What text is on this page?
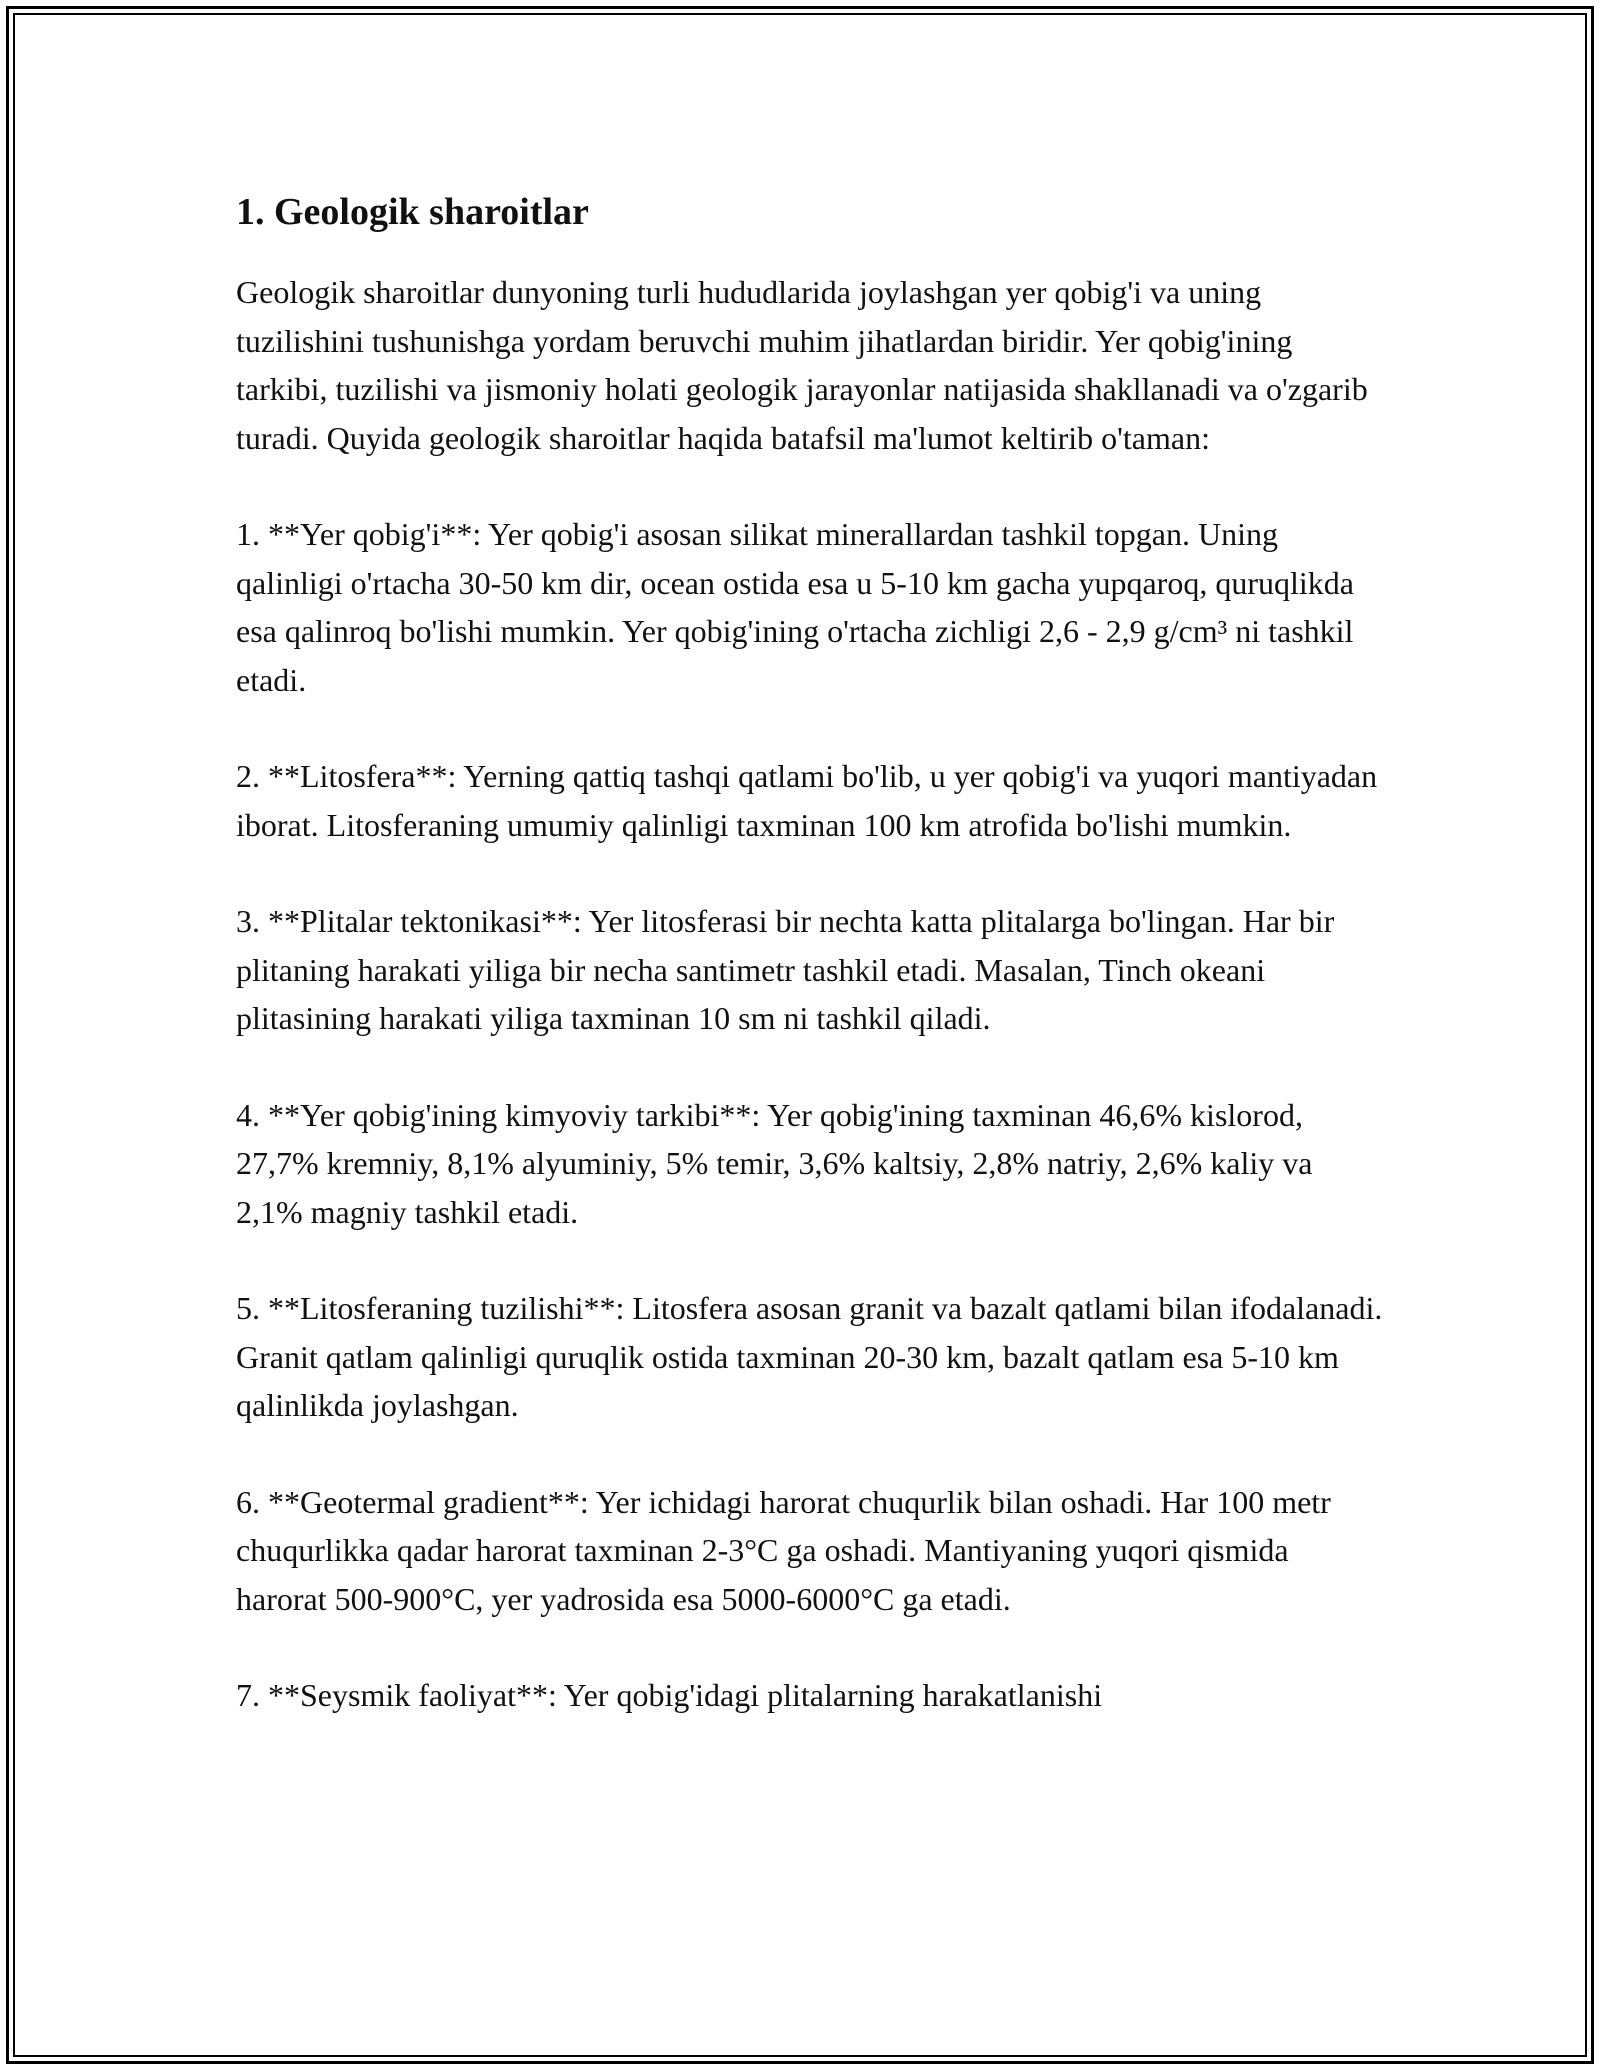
1. Geologik sharoitlar

Geologik sharoitlar dunyoning turli hududlarida joylashgan yer qobig'i va uning tuzilishini tushunishga yordam beruvchi muhim jihatlardan biridir. Yer qobig'ining tarkibi, tuzilishi va jismoniy holati geologik jarayonlar natijasida shakllanadi va o'zgarib turadi. Quyida geologik sharoitlar haqida batafsil ma'lumot keltirib o'taman:

1. **Yer qobig'i**: Yer qobig'i asosan silikat minerallardan tashkil topgan. Uning qalinligi o'rtacha 30-50 km dir, ocean ostida esa u 5-10 km gacha yupqaroq, quruqlikda esa qalinroq bo'lishi mumkin. Yer qobig'ining o'rtacha zichligi 2,6 - 2,9 g/cm³ ni tashkil etadi.

2. **Litosfera**: Yerning qattiq tashqi qatlami bo'lib, u yer qobig'i va yuqori mantiyadan iborat. Litosferaning umumiy qalinligi taxminan 100 km atrofida bo'lishi mumkin.

3. **Plitalar tektonikasi**: Yer litosferasi bir nechta katta plitalarga bo'lingan. Har bir plitaning harakati yiliga bir necha santimetr tashkil etadi. Masalan, Tinch okeani plitasining harakati yiliga taxminan 10 sm ni tashkil qiladi.

4. **Yer qobig'ining kimyoviy tarkibi**: Yer qobig'ining taxminan 46,6% kislorod, 27,7% kremniy, 8,1% alyuminiy, 5% temir, 3,6% kaltsiy, 2,8% natriy, 2,6% kaliy va 2,1% magniy tashkil etadi.

5. **Litosferaning tuzilishi**: Litosfera asosan granit va bazalt qatlami bilan ifodalanadi. Granit qatlam qalinligi quruqlik ostida taxminan 20-30 km, bazalt qatlam esa 5-10 km qalinlikda joylashgan.

6. **Geotermal gradient**: Yer ichidagi harorat chuqurlik bilan oshadi. Har 100 metr chuqurlikka qadar harorat taxminan 2-3°C ga oshadi. Mantiyaning yuqori qismida harorat 500-900°C, yer yadrosida esa 5000-6000°C ga etadi.

7. **Seysmik faoliyat**: Yer qobig'idagi plitalarning harakatlanishi
